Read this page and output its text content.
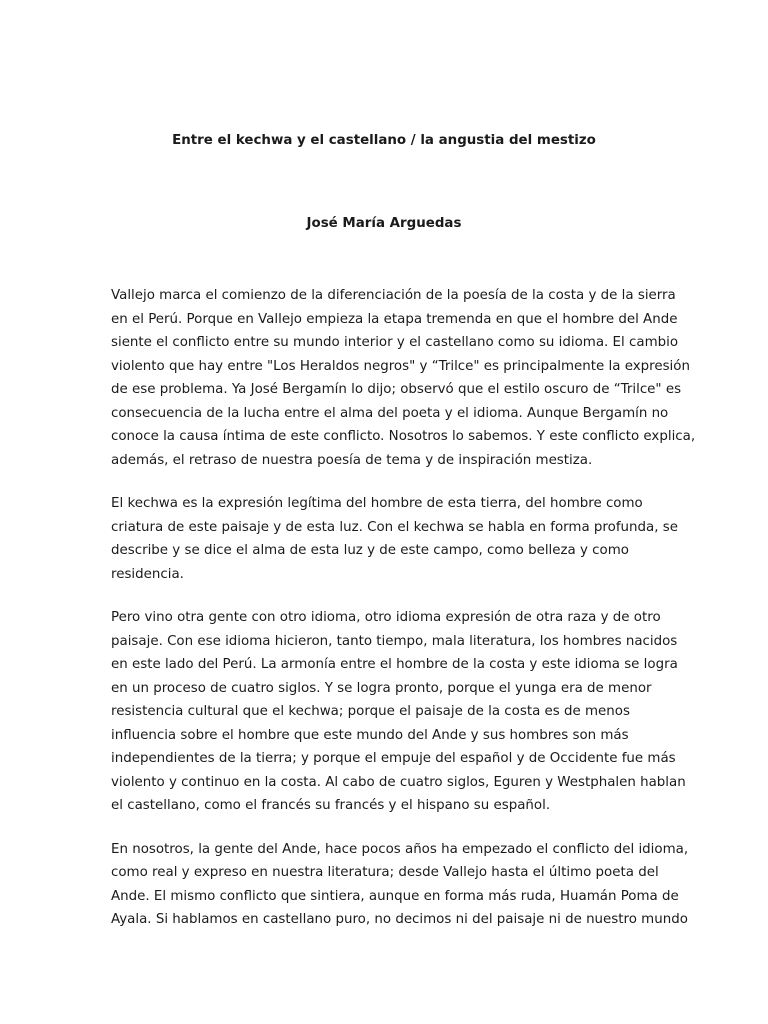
Entre el kechwa y el castellano / la angustia del mestizo
José María Arguedas

Vallejo marca el comienzo de la diferenciación de la poesía de la costa y de la sierra
en el Perú. Porque en Vallejo empieza la etapa tremenda en que el hombre del Ande
siente el conflicto entre su mundo interior y el castellano como su idioma. El cambio
violento que hay entre "Los Heraldos negros" y “Trilce" es principalmente la expresión
de ese problema. Ya José Bergamín lo dijo; observó que el estilo oscuro de “Trilce" es
consecuencia de la lucha entre el alma del poeta y el idioma. Aunque Bergamín no
conoce la causa íntima de este conflicto. Nosotros lo sabemos. Y este conflicto explica,
además, el retraso de nuestra poesía de tema y de inspiración mestiza.

El kechwa es la expresión legítima del hombre de esta tierra, del hombre como
criatura de este paisaje y de esta luz. Con el kechwa se habla en forma profunda, se
describe y se dice el alma de esta luz y de este campo, como belleza y como
residencia.

Pero vino otra gente con otro idioma, otro idioma expresión de otra raza y de otro
paisaje. Con ese idioma hicieron, tanto tiempo, mala literatura, los hombres nacidos
en este lado del Perú. La armonía entre el hombre de la costa y este idioma se logra
en un proceso de cuatro siglos. Y se logra pronto, porque el yunga era de menor
resistencia cultural que el kechwa; porque el paisaje de la costa es de menos
influencia sobre el hombre que este mundo del Ande y sus hombres son más
independientes de la tierra; y porque el empuje del español y de Occidente fue más
violento y continuo en la costa. Al cabo de cuatro siglos, Eguren y Westphalen hablan
el castellano, como el francés su francés y el hispano su español.

En nosotros, la gente del Ande, hace pocos años ha empezado el conflicto del idioma,
como real y expreso en nuestra literatura; desde Vallejo hasta el último poeta del
Ande. El mismo conflicto que sintiera, aunque en forma más ruda, Huamán Poma de
Ayala. Si hablamos en castellano puro, no decimos ni del paisaje ni de nuestro mundo
